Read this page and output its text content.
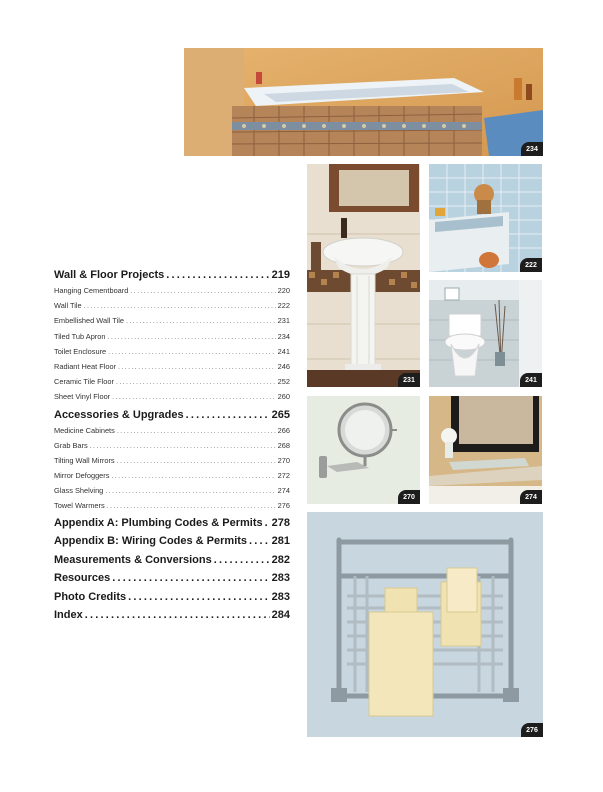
Wall & Floor Projects .....	219
Hanging Cementboard .....	220
Wall Tile .....	222
Embellished Wall Tile .....	231
Tiled Tub Apron .....	234
Toilet Enclosure .....	241
Radiant Heat Floor .....	246
Ceramic Tile Floor .....	252
Sheet Vinyl Floor .....	260
Accessories & Upgrades .....	265
Medicine Cabinets .....	266
Grab Bars .....	268
Tilting Wall Mirrors .....	270
Mirror Defoggers .....	272
Glass Shelving .....	274
Towel Warmers .....	276
Appendix A: Plumbing Codes & Permits ..... 278
Appendix B: Wiring Codes & Permits ..... 281
Measurements & Conversions .....	282
Resources .....	283
Photo Credits .....	283
Index .....	284
234
231
222
241
270	274
276
